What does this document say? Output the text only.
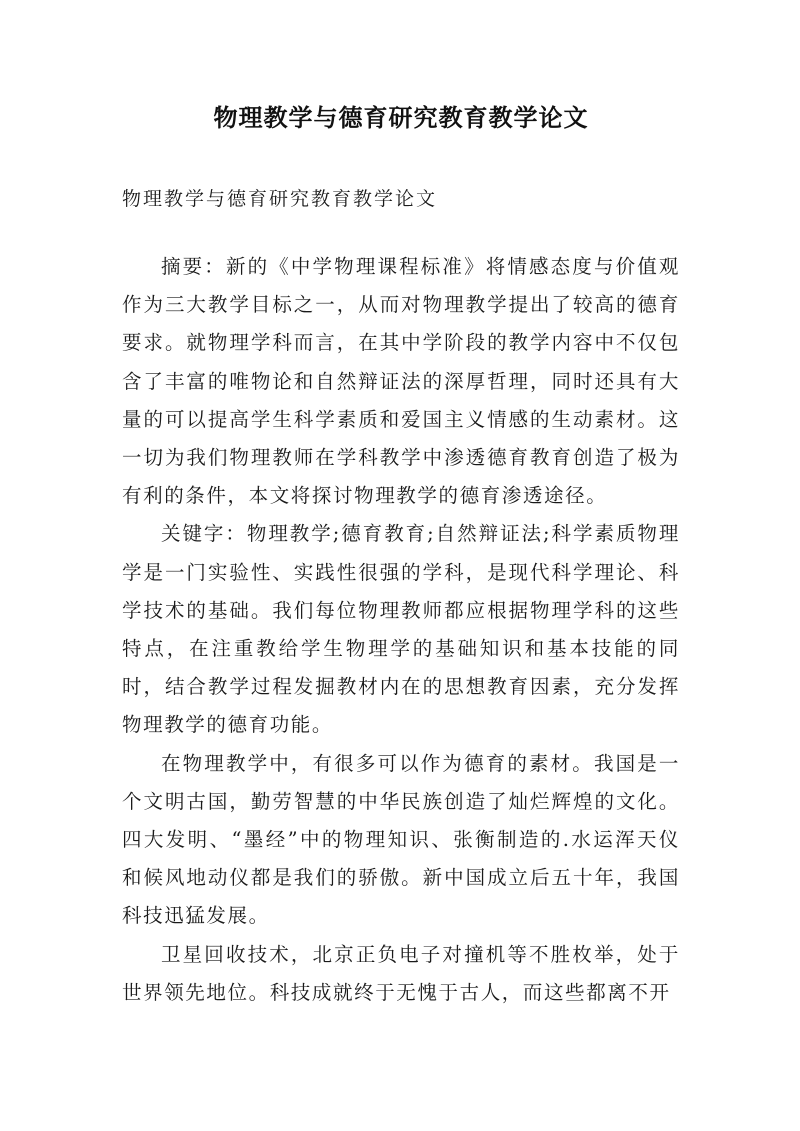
物理教学与德育研究教育教学论文

物理教学与德育研究教育教学论文

摘要：新的《中学物理课程标准》将情感态度与价值观作为三大教学目标之一，从而对物理教学提出了较高的德育要求。就物理学科而言，在其中学阶段的教学内容中不仅包含了丰富的唯物论和自然辩证法的深厚哲理，同时还具有大量的可以提高学生科学素质和爱国主义情感的生动素材。这一切为我们物理教师在学科教学中渗透德育教育创造了极为有利的条件，本文将探讨物理教学的德育渗透途径。

关键字：物理教学;德育教育;自然辩证法;科学素质物理学是一门实验性、实践性很强的学科，是现代科学理论、科学技术的基础。我们每位物理教师都应根据物理学科的这些特点，在注重教给学生物理学的基础知识和基本技能的同时，结合教学过程发掘教材内在的思想教育因素，充分发挥物理教学的德育功能。

在物理教学中，有很多可以作为德育的素材。我国是一个文明古国，勤劳智慧的中华民族创造了灿烂辉煌的文化。四大发明、“墨经”中的物理知识、张衡制造的.水运浑天仪和候风地动仪都是我们的骄傲。新中国成立后五十年，我国科技迅猛发展。

卫星回收技术，北京正负电子对撞机等不胜枚举，处于世界领先地位。科技成就终于无愧于古人，而这些都离不开
